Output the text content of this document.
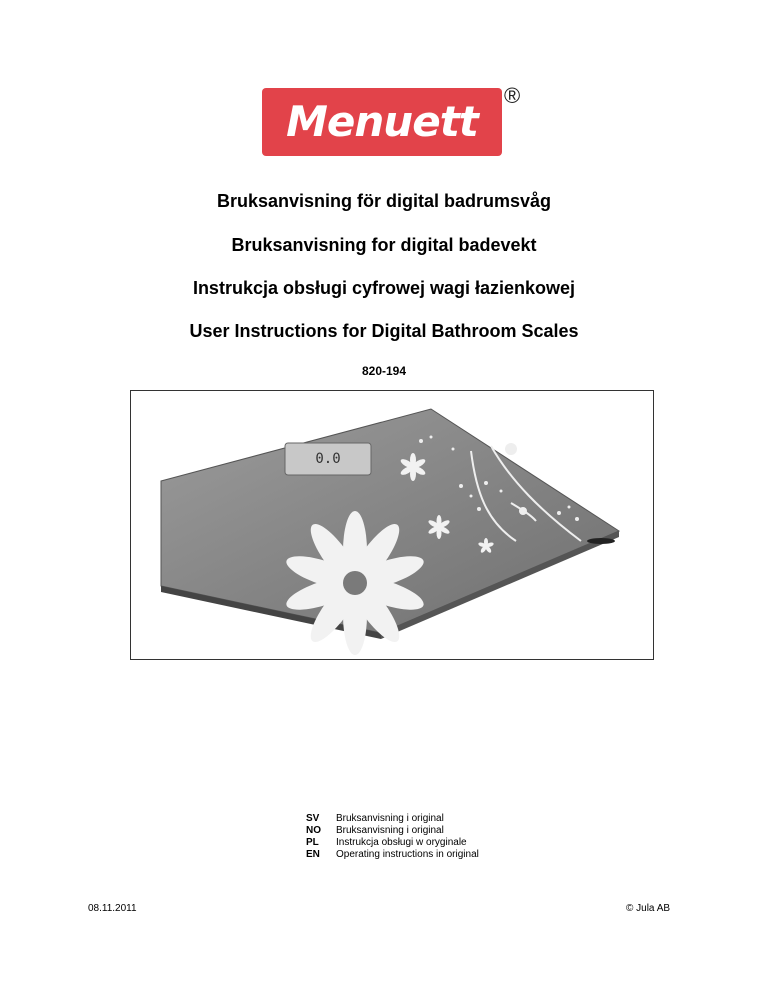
Menuett
®
Bruksanvisning för digital badrumsvåg
Bruksanvisning for digital badevekt
Instrukcja obsługi cyfrowej wagi łazienkowej
User Instructions for Digital Bathroom Scales
820-194
0.0
SV	Bruksanvisning i original
NO	Bruksanvisning i original
PL	Instrukcja obsługi w oryginale
EN	Operating instructions in original
08.11.2011	© Jula AB
